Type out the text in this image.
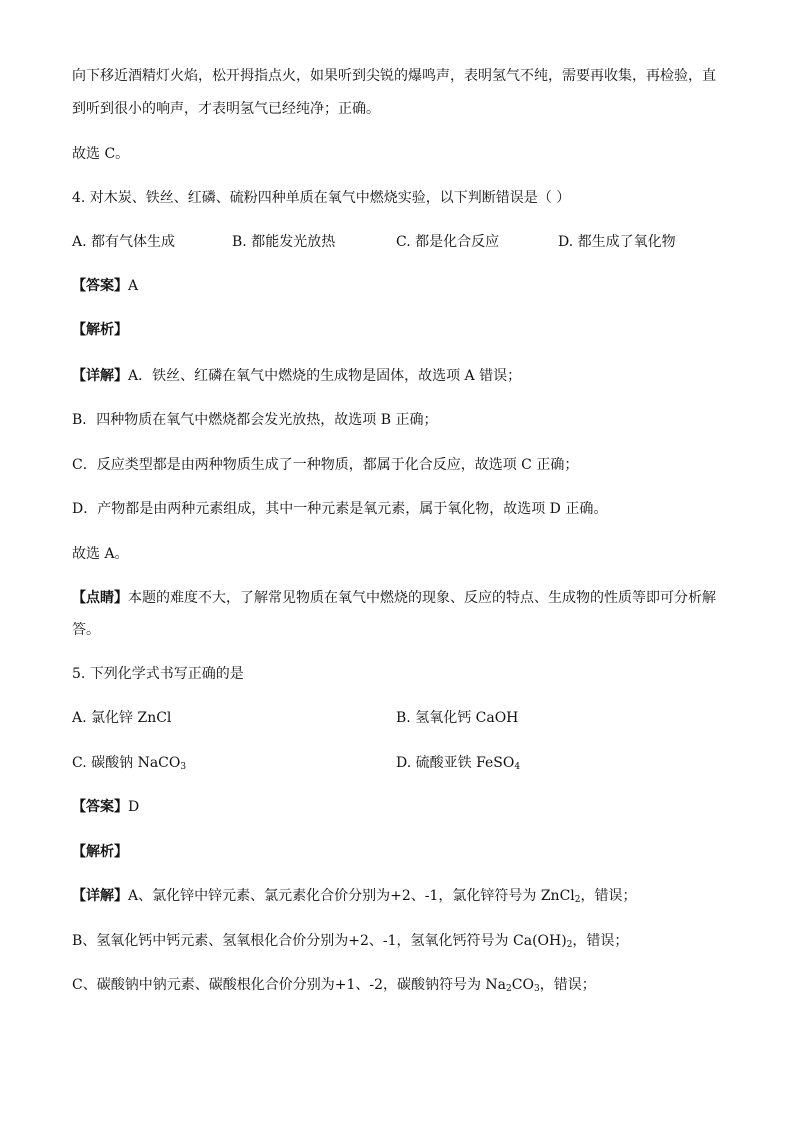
向下移近酒精灯火焰，松开拇指点火，如果听到尖锐的爆鸣声，表明氢气不纯，需要再收集，再检验，直
到听到很小的响声，才表明氢气已经纯净；正确。
故选 C。
4. 对木炭、铁丝、红磷、硫粉四种单质在氧气中燃烧实验，以下判断错误是（ ）
A. 都有气体生成	B. 都能发光放热	C. 都是化合反应	D. 都生成了氧化物
【答案】A
【解析】
【详解】A．铁丝、红磷在氧气中燃烧的生成物是固体，故选项 A 错误；
B．四种物质在氧气中燃烧都会发光放热，故选项 B 正确；
C．反应类型都是由两种物质生成了一种物质，都属于化合反应，故选项 C 正确；
D．产物都是由两种元素组成，其中一种元素是氧元素，属于氧化物，故选项 D 正确。
故选 A。
【点睛】本题的难度不大，了解常见物质在氧气中燃烧的现象、反应的特点、生成物的性质等即可分析解
答。
5. 下列化学式书写正确的是
A. 氯化锌 ZnCl	B. 氢氧化钙 CaOH
C. 碳酸钠 NaCO$_3$	D. 硫酸亚铁 FeSO$_4$
【答案】D
【解析】
【详解】A、氯化锌中锌元素、氯元素化合价分别为+2、-1，氯化锌符号为 ZnCl$_2$，错误；
B、氢氧化钙中钙元素、氢氧根化合价分别为+2、-1，氢氧化钙符号为 $Ca(OH)_2$，错误；
C、碳酸钠中钠元素、碳酸根化合价分别为+1、-2，碳酸钠符号为 $Na_2CO_3$，错误；
